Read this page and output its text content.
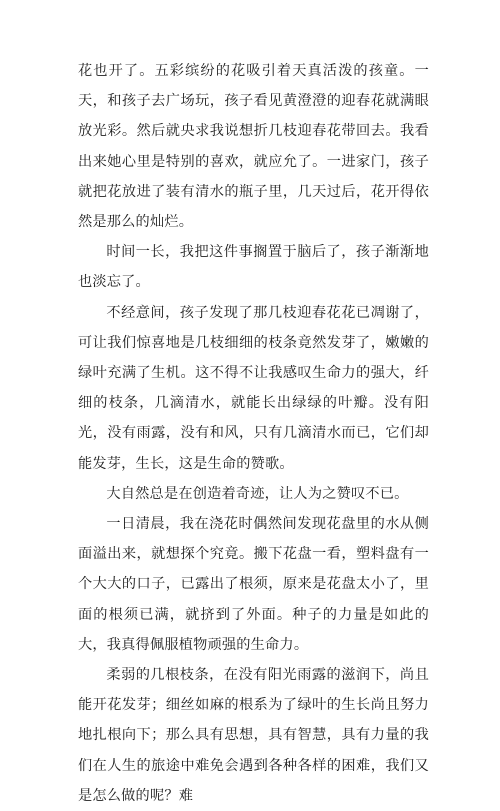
花也开了。五彩缤纷的花吸引着天真活泼的孩童。一天，和孩子去广场玩，孩子看见黄澄澄的迎春花就满眼放光彩。然后就央求我说想折几枝迎春花带回去。我看出来她心里是特别的喜欢，就应允了。一进家门，孩子就把花放进了装有清水的瓶子里，几天过后，花开得依然是那么的灿烂。

时间一长，我把这件事搁置于脑后了，孩子渐渐地也淡忘了。

不经意间，孩子发现了那几枝迎春花花已凋谢了，可让我们惊喜地是几枝细细的枝条竟然发芽了，嫩嫩的绿叶充满了生机。这不得不让我感叹生命力的强大，纤细的枝条，几滴清水，就能长出绿绿的叶瓣。没有阳光，没有雨露，没有和风，只有几滴清水而已，它们却能发芽，生长，这是生命的赞歌。

大自然总是在创造着奇迹，让人为之赞叹不已。

一日清晨，我在浇花时偶然间发现花盘里的水从侧面溢出来，就想探个究竟。搬下花盘一看，塑料盘有一个大大的口子，已露出了根须，原来是花盘太小了，里面的根须已满，就挤到了外面。种子的力量是如此的大，我真得佩服植物顽强的生命力。

柔弱的几根枝条，在没有阳光雨露的滋润下，尚且能开花发芽；细丝如麻的根系为了绿叶的生长尚且努力地扎根向下；那么具有思想，具有智慧，具有力量的我们在人生的旅途中难免会遇到各种各样的困难，我们又是怎么做的呢？难
